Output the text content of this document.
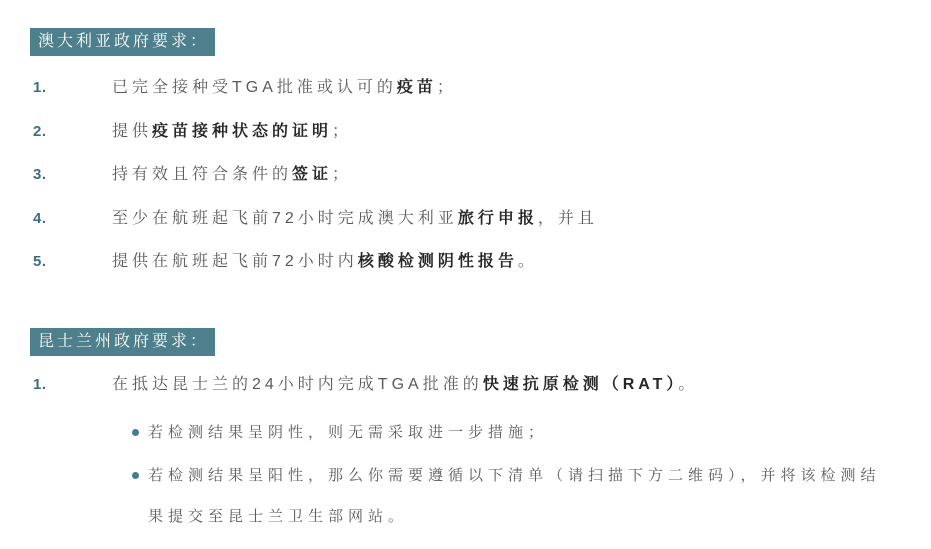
澳大利亚政府要求：
1.	已完全接种受TGA批准或认可的疫苗；
2.	提供疫苗接种状态的证明；
3.	持有效且符合条件的签证；
4.	至少在航班起飞前72小时完成澳大利亚旅行申报，并且
5.	提供在航班起飞前72小时内核酸检测阴性报告。
昆士兰州政府要求：
1.	在抵达昆士兰的24小时内完成TGA批准的快速抗原检测（RAT）。
若检测结果呈阴性，则无需采取进一步措施；
若检测结果呈阳性，那么你需要遵循以下清单（请扫描下方二维码），并将该检测结果提交至昆士兰卫生部网站。
